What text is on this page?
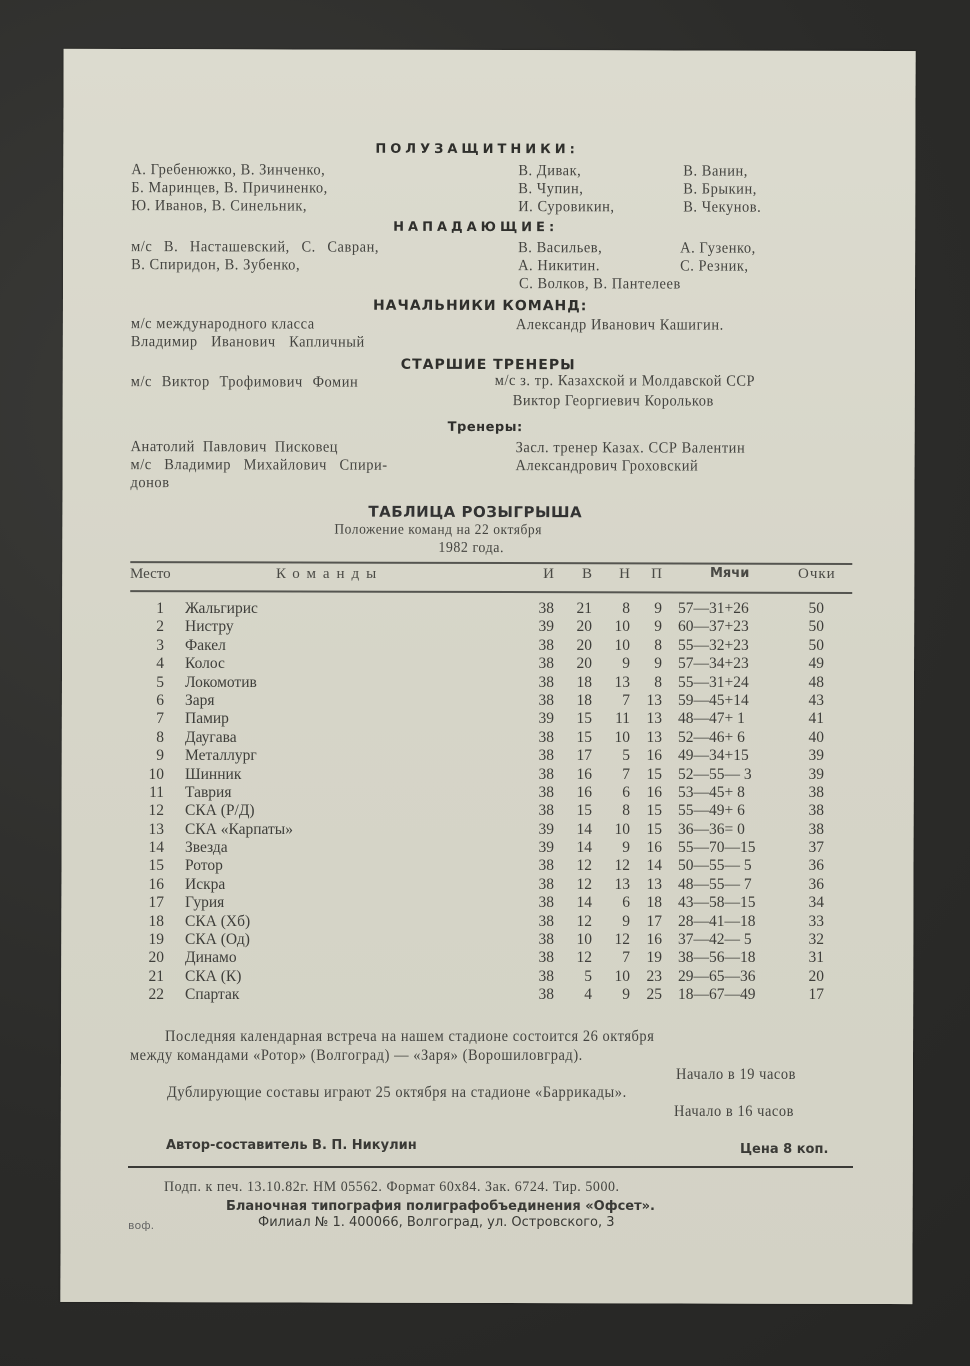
ПОЛУЗАЩИТНИКИ:
А. Гребенюжко, В. Зинченко,	В. Дивак,	В. Ванин,
Б. Маринцев, В. Причиненко,	В. Чупин,	В. Брыкин,
Ю. Иванов, В. Синельник,	И. Суровикин,	В. Чекунов.
НАПАДАЮЩИЕ:
м/с В. Насташевский, С. Савран,	В. Васильев,	А. Гузенко,
В. Спиридон, В. Зубенко,	А. Никитин.	С. Резник,
С. Волков, В. Пантелеев
НАЧАЛЬНИКИ КОМАНД:
м/с международного класса
Владимир Иванович Капличный
Александр Иванович Кашигин.
СТАРШИЕ ТРЕНЕРЫ
м/с Виктор Трофимович Фомин	м/с з. тр. Казахской и Молдавской ССР
Виктор Георгиевич Корольков
Тренеры:
Анатолий Павлович Писковец
м/с Владимир Михайлович Спири-
донов
Засл. тренер Казах. ССР Валентин
Александрович Гроховский
ТАБЛИЦА РОЗЫГРЫША
Положение команд на 22 октября
1982 года.
Место	Команды	И	В	Н	П	Мячи	Очки
1 Жальгирис	38	21	8	9 57—31+26	50
2 Нистру	39	20	10	9 60—37+23	50
3 Факел	38	20	10	8 55—32+23	50
4 Колос	38	20	9	9 57—34+23	49
5 Локомотив	38	18	13	8 55—31+24	48
6 Заря	38	18	7	13 59—45+14	43
7 Памир	39	15	11	13 48—47+ 1	41
8 Даугава	38	15	10	13 52—46+ 6	40
9 Металлург	38	17	5	16 49—34+15	39
10 Шинник	38	16	7	15 52—55— 3	39
11 Таврия	38	16	6	16 53—45+ 8	38
12 СКА (Р/Д)	38	15	8	15 55—49+ 6	38
13 СКА «Карпаты»	39	14	10	15 36—36= 0	38
14 Звезда	39	14	9	16 55—70—15	37
15 Ротор	38	12	12	14 50—55— 5	36
16 Искра	38	12	13	13 48—55— 7	36
17 Гурия	38	14	6	18 43—58—15	34
18 СКА (Хб)	38	12	9	17 28—41—18	33
19 СКА (Од)	38	10	12	16 37—42— 5	32
20 Динамо	38	12	7	19 38—56—18	31
21 СКА (К)	38	5	10	23 29—65—36	20
22 Спартак	38	4	9	25 18—67—49	17
Последняя календарная встреча на нашем стадионе состоится 26 октября
между командами «Ротор» (Волгоград) — «Заря» (Ворошиловград).
Начало в 19 часов
Дублирующие составы играют 25 октября на стадионе «Баррикады».
Начало в 16 часов
Автор-составитель В. П. Никулин	Цена 8 коп.
Подп. к печ. 13.10.82г. НМ 05562. Формат 60х84. Зак. 6724. Тир. 5000.
Бланочная типография полиграфобъединения «Офсет».
воф.	Филиал № 1. 400066, Волгоград, ул. Островского, 3
